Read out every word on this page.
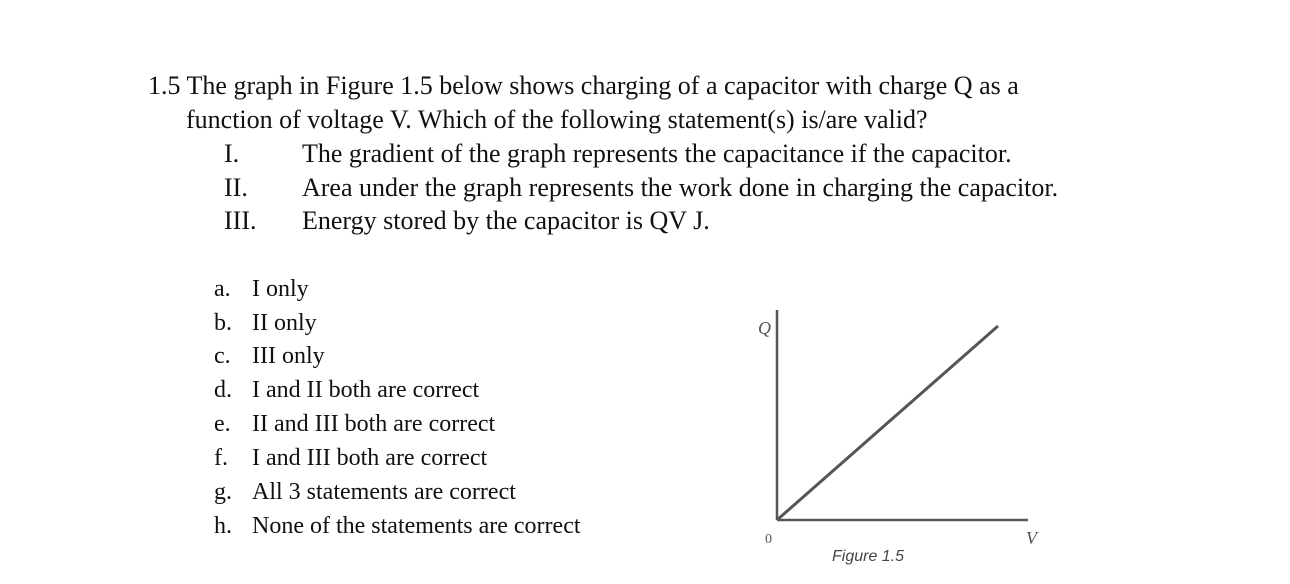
1.5 The graph in Figure 1.5 below shows charging of a capacitor with charge Q as a
function of voltage V. Which of the following statement(s) is/are valid?
I. The gradient of the graph represents the capacitance if the capacitor.
II. Area under the graph represents the work done in charging the capacitor.
III. Energy stored by the capacitor is QV J.
a. I only
b. II only
c. III only
d. I and II both are correct
e. II and III both are correct
f. I and III both are correct
g. All 3 statements are correct
h. None of the statements are correct
Q
V
0
Figure 1.5
